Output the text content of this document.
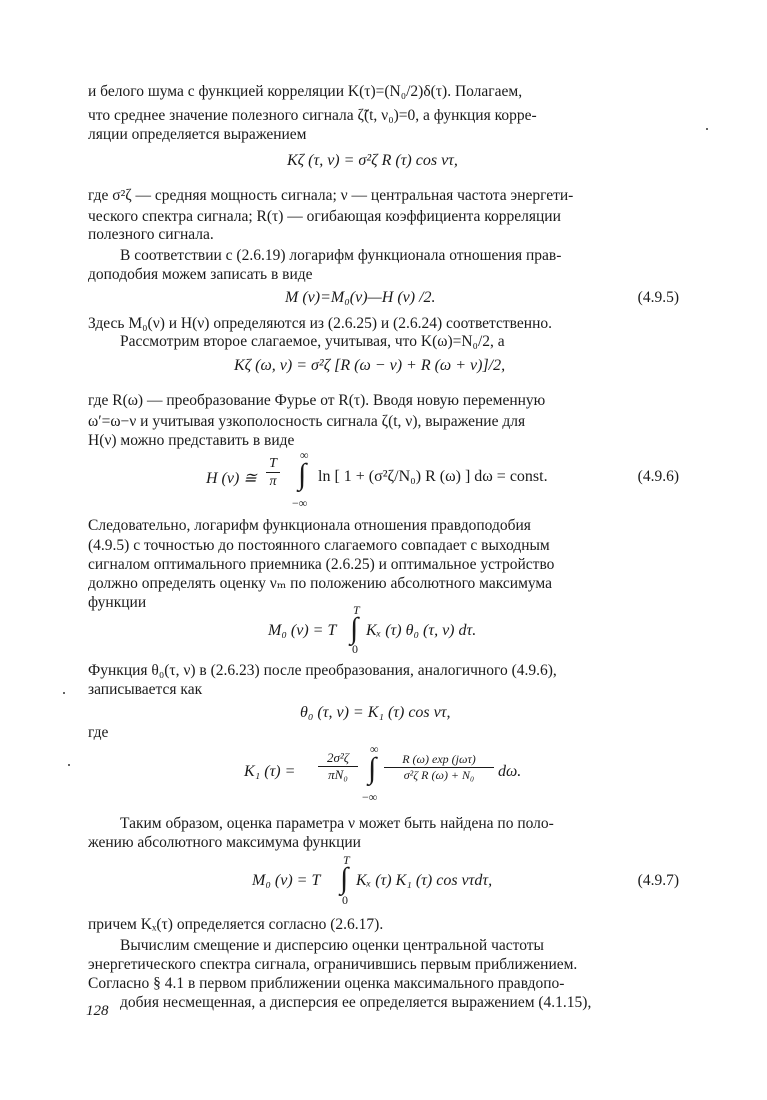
и белого шума с функцией корреляции K(τ)=(N₀/2)δ(τ). Полагаем,
что среднее значение полезного сигнала ζ̃(t, ν₀)=0, а функция корре-
ляции определяется выражением
Kζ (τ, ν) = σ²ζ R (τ) cos ντ,
где σ²ζ — средняя мощность сигнала; ν — центральная частота энергети-
ческого спектра сигнала; R(τ) — огибающая коэффициента корреляции
полезного сигнала.
В соответствии с (2.6.19) логарифм функционала отношения прав-
доподобия можем записать в виде
M (ν)=M₀(ν)—H (ν) /2.	(4.9.5)
Здесь M₀(ν) и H(ν) определяются из (2.6.25) и (2.6.24) соответственно.
Рассмотрим второе слагаемое, учитывая, что K(ω)=N₀/2, а
Kζ (ω, ν) = σ²ζ [R (ω − ν) + R (ω + ν)]/2,
где R(ω) — преобразование Фурье от R(τ). Вводя новую переменную
ω′=ω−ν и учитывая узкополосность сигнала ζ(t, ν), выражение для
H(ν) можно представить в виде
H (ν) ≅
T
π
∞
∫
−∞
ln [ 1 + (σ²ζ/N₀) R (ω) ] dω = const.	(4.9.6)
Следовательно, логарифм функционала отношения правдоподобия
(4.9.5) с точностью до постоянного слагаемого совпадает с выходным
сигналом оптимального приемника (2.6.25) и оптимальное устройство
должно определять оценку νₘ по положению абсолютного максимума
функции
M₀ (ν) = T
T
∫
0
Kₓ (τ) θ₀ (τ, ν) dτ.
Функция θ₀(τ, ν) в (2.6.23) после преобразования, аналогичного (4.9.6),
записывается как
θ₀ (τ, ν) = K₁ (τ) cos ντ,
где
K₁ (τ) =
2σ²ζ
πN₀
∞
∫
−∞
R (ω) exp (jωτ)
σ²ζ R (ω) + N₀	dω.
Таким образом, оценка параметра ν может быть найдена по поло-
жению абсолютного максимума функции
M₀ (ν) = T
T
∫
0
Kₓ (τ) K₁ (τ) cos ντdτ,	(4.9.7)
причем Kₓ(τ) определяется согласно (2.6.17).
Вычислим смещение и дисперсию оценки центральной частоты
энергетического спектра сигнала, ограничившись первым приближением.
Согласно § 4.1 в первом приближении оценка максимального правдопо-
добия несмещенная, а дисперсия ее определяется выражением (4.1.15),
128
